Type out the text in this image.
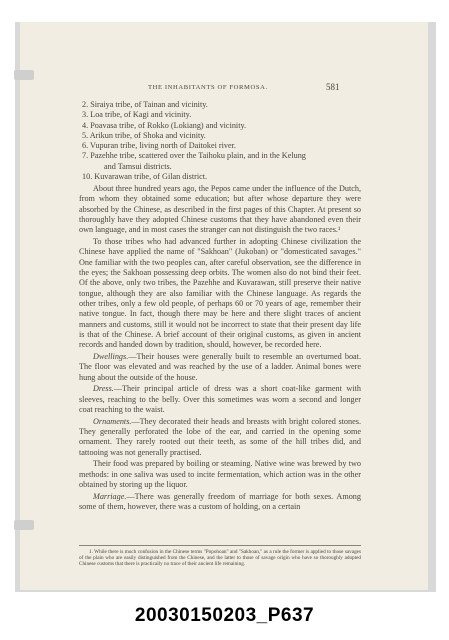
THE INHABITANTS OF FORMOSA.	581
2. Siraiya tribe, of Tainan and vicinity.
3. Loa tribe, of Kagi and vicinity.
4. Poavasa tribe, of Rokko (Lokiang) and vicinity.
5. Arikun tribe, of Shoka and vicinity.
6. Vupuran tribe, living north of Daitokei river.
7. Pazehhe tribe, scattered over the Taihoku plain, and in the Kelung
and Tamsui districts.
10. Kuvarawan tribe, of Gilan district.

About three hundred years ago, the Pepos came under the influence of the Dutch, from whom they obtained some education; but after whose departure they were absorbed by the Chinese, as described in the first pages of this Chapter. At present so thoroughly have they adopted Chinese customs that they have abandoned even their own language, and in most cases the stranger can not distinguish the two races.¹

To those tribes who had advanced further in adopting Chinese civilization the Chinese have applied the name of "Sakhoan" (Jukoban) or "domesticated savages." One familiar with the two peoples can, after careful observation, see the difference in the eyes; the Sakhoan possessing deep orbits. The women also do not bind their feet. Of the above, only two tribes, the Pazehhe and Kuvarawan, still preserve their native tongue, although they are also familiar with the Chinese language. As regards the other tribes, only a few old people, of perhaps 60 or 70 years of age, remember their native tongue. In fact, though there may be here and there slight traces of ancient manners and customs, still it would not be incorrect to state that their present day life is that of the Chinese. A brief account of their original customs, as given in ancient records and handed down by tradition, should, however, be recorded here.

Dwellings.—Their houses were generally built to resemble an overturned boat. The floor was elevated and was reached by the use of a ladder. Animal bones were hung about the outside of the house.

Dress.—Their principal article of dress was a short coat-like garment with sleeves, reaching to the belly. Over this sometimes was worn a second and longer coat reaching to the waist.

Ornaments.—They decorated their heads and breasts with bright colored stones. They generally perforated the lobe of the ear, and carried in the opening some ornament. They rarely rooted out their teeth, as some of the hill tribes did, and tattooing was not generally practised.

Their food was prepared by boiling or steaming. Native wine was brewed by two methods: in one saliva was used to incite fermentation, which action was in the other obtained by storing up the liquor.

Marriage.—There was generally freedom of marriage for both sexes. Among some of them, however, there was a custom of holding, on a certain

1. While there is much confusion in the Chinese terms "Popohoan" and "Sakhoan," as a rule the former is applied to those savages of the plain who are easily distinguished from the Chinese, and the latter to those of savage origin who have so thoroughly adopted Chinese customs that there is practically no trace of their ancient life remaining.
20030150203_P637
